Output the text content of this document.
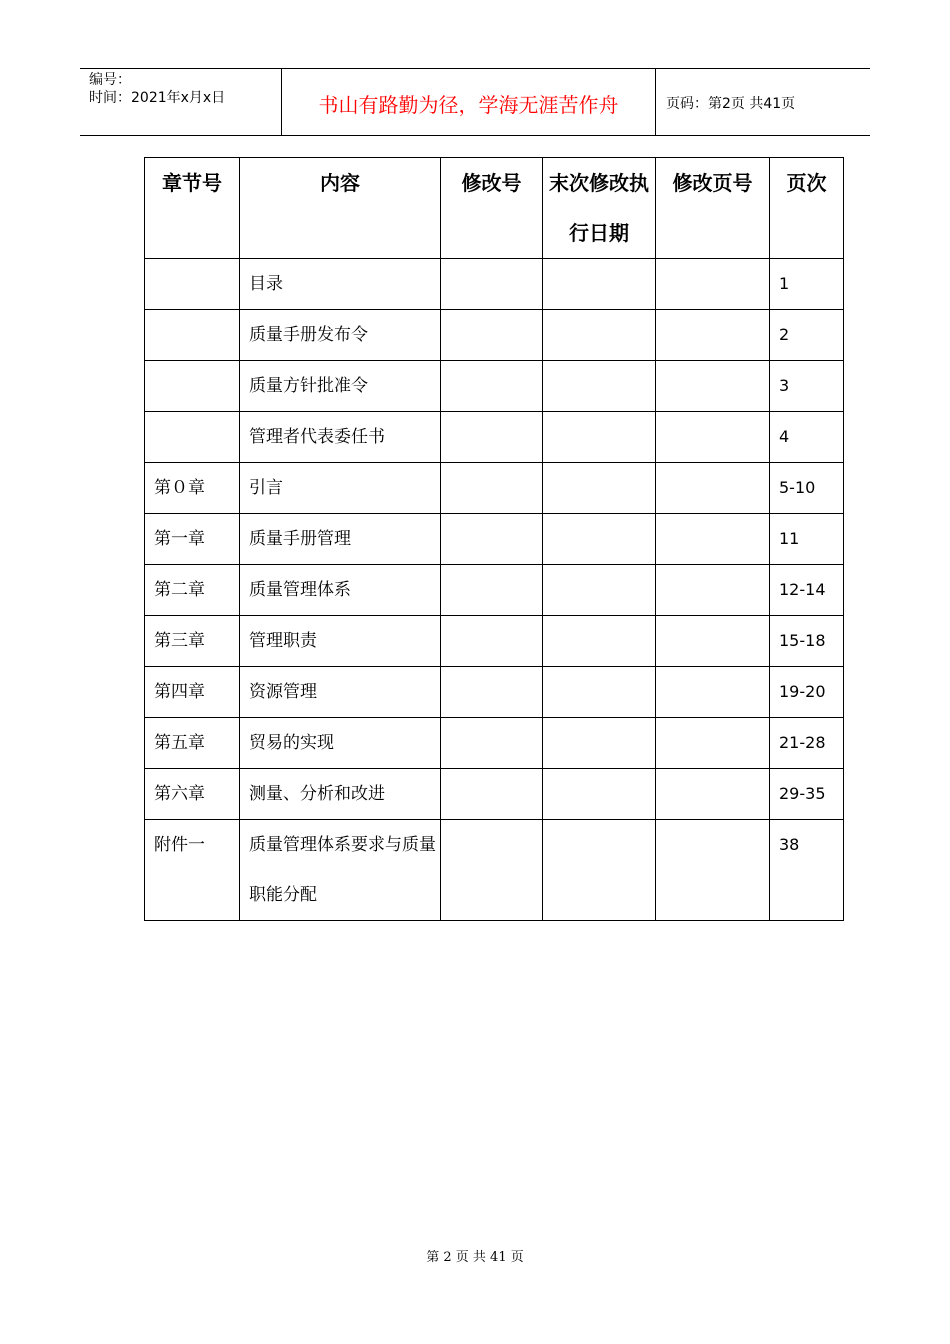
编号：
时间：2021年x月x日	书山有路勤为径，学海无涯苦作舟	页码：第2页 共41页
章节号	内容	修改号	末次修改执行日期	修改页号	页次
	目录				1
	质量手册发布令				2
	质量方针批准令				3
	管理者代表委任书				4
第０章	引言				5-10
第一章	质量手册管理				11
第二章	质量管理体系				12-14
第三章	管理职责				15-18
第四章	资源管理				19-20
第五章	贸易的实现				21-28
第六章	测量、分析和改进				29-35
附件一	质量管理体系要求与质量职能分配				38
第 2 页 共 41 页
